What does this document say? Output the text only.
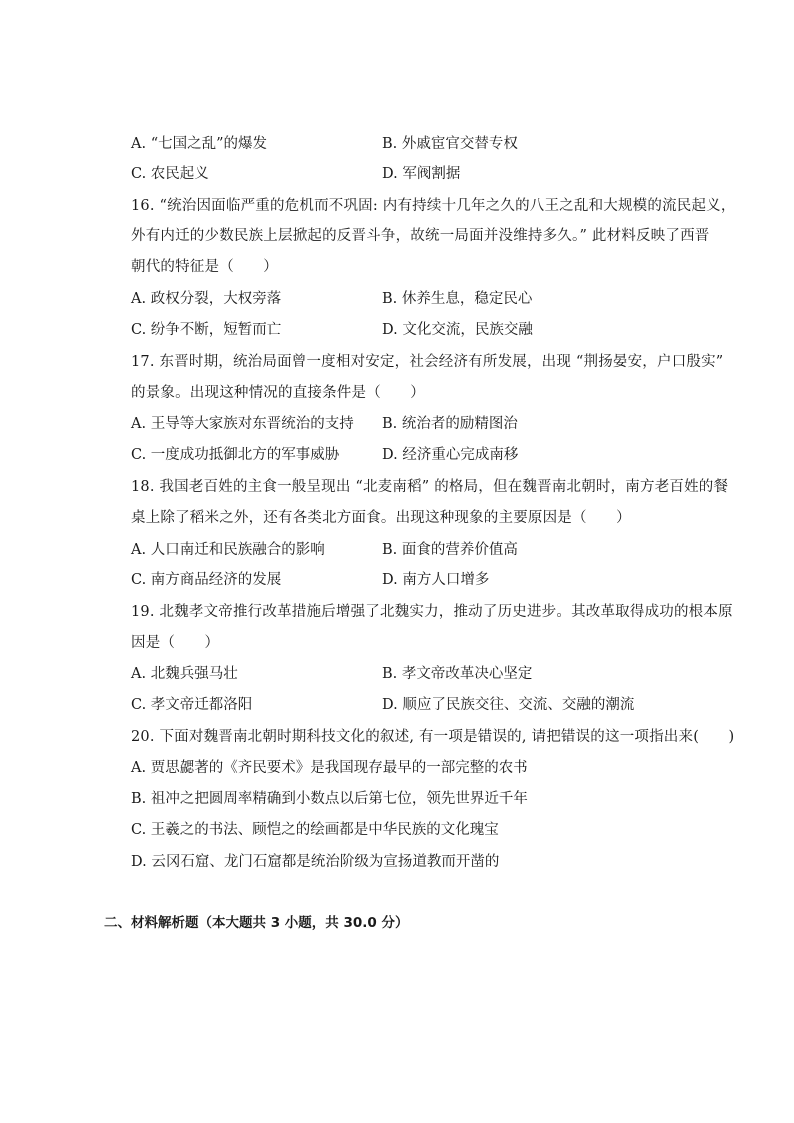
A. “七国之乱”的爆发	B. 外戚宦官交替专权
C. 农民起义	D. 军阀割据
16. “统治因面临严重的危机而不巩固: 内有持续十几年之久的八王之乱和大规模的流民起义，
外有内迁的少数民族上层掀起的反晋斗争，故统一局面并没维持多久。” 此材料反映了西晋
朝代的特征是（　　）
A. 政权分裂，大权旁落	B. 休养生息，稳定民心
C. 纷争不断，短暂而亡	D. 文化交流，民族交融
17. 东晋时期，统治局面曾一度相对安定，社会经济有所发展，出现 “荆扬晏安，户口殷实”
的景象。出现这种情况的直接条件是（　　）
A. 王导等大家族对东晋统治的支持 B. 统治者的励精图治
C. 一度成功抵御北方的军事威胁	D. 经济重心完成南移
18. 我国老百姓的主食一般呈现出 “北麦南稻” 的格局，但在魏晋南北朝时，南方老百姓的餐
桌上除了稻米之外，还有各类北方面食。出现这种现象的主要原因是（　　）
A. 人口南迁和民族融合的影响	B. 面食的营养价值高
C. 南方商品经济的发展	D. 南方人口增多
19. 北魏孝文帝推行改革措施后增强了北魏实力，推动了历史进步。其改革取得成功的根本原
因是（　　）
A. 北魏兵强马壮	B. 孝文帝改革决心坚定
C. 孝文帝迁都洛阳	D. 顺应了民族交往、交流、交融的潮流
20. 下面对魏晋南北朝时期科技文化的叙述, 有一项是错误的, 请把错误的这一项指出来(　　)
A. 贾思勰著的《齐民要术》是我国现存最早的一部完整的农书
B. 祖冲之把圆周率精确到小数点以后第七位，领先世界近千年
C. 王羲之的书法、顾恺之的绘画都是中华民族的文化瑰宝
D. 云冈石窟、龙门石窟都是统治阶级为宣扬道教而开凿的
二、材料解析题（本大题共 3 小题，共 30.0 分）
